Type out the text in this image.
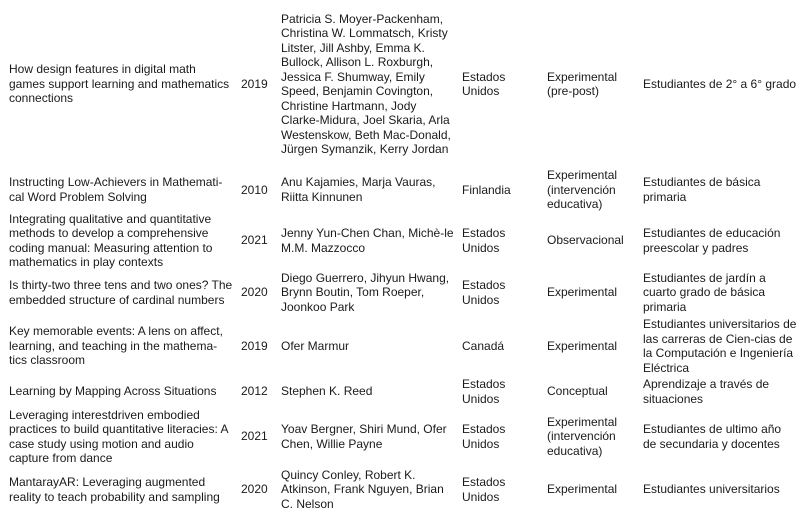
How design features in digital math games support learning and mathematics connections	2019	Patricia S. Moyer-Packenham, Christina W. Lommatsch, Kristy Litster, Jill Ashby, Emma K. Bullock, Allison L. Roxburgh, Jessica F. Shumway, Emily Speed, Benjamin Covington, Christine Hartmann, Jody Clarke-Midura, Joel Skaria, Arla Westenskow, Beth Mac-Donald, Jürgen Symanzik, Kerry Jordan	Estados Unidos	Experimental (pre-post)	Estudiantes de 2° a 6° grado
Instructing Low-Achievers in Mathemati-cal Word Problem Solving	2010	Anu Kajamies, Marja Vauras, Riitta Kinnunen	Finlandia	Experimental (intervención educativa)	Estudiantes de básica primaria
Integrating qualitative and quantitative methods to develop a comprehensive coding manual: Measuring attention to mathematics in play contexts	2021	Jenny Yun-Chen Chan, Michè-le M.M. Mazzocco	Estados Unidos	Observacional	Estudiantes de educación preescolar y padres
Is thirty-two three tens and two ones? The embedded structure of cardinal numbers	2020	Diego Guerrero, Jihyun Hwang, Brynn Boutin, Tom Roeper, Joonkoo Park	Estados Unidos	Experimental	Estudiantes de jardín a cuarto grado de básica primaria
Key memorable events: A lens on affect, learning, and teaching in the mathema-tics classroom	2019	Ofer Marmur	Canadá	Experimental	Estudiantes universitarios de las carreras de Cien-cias de la Computación e Ingeniería Eléctrica
Learning by Mapping Across Situations	2012	Stephen K. Reed	Estados Unidos	Conceptual	Aprendizaje a través de situaciones
Leveraging interestdriven embodied practices to build quantitative literacies: A case study using motion and audio capture from dance	2021	Yoav Bergner, Shiri Mund, Ofer Chen, Willie Payne	Estados Unidos	Experimental (intervención educativa)	Estudiantes de ultimo año de secundaria y docentes
MantarayAR: Leveraging augmented reality to teach probability and sampling	2020	Quincy Conley, Robert K. Atkinson, Frank Nguyen, Brian C. Nelson	Estados Unidos	Experimental	Estudiantes universitarios
